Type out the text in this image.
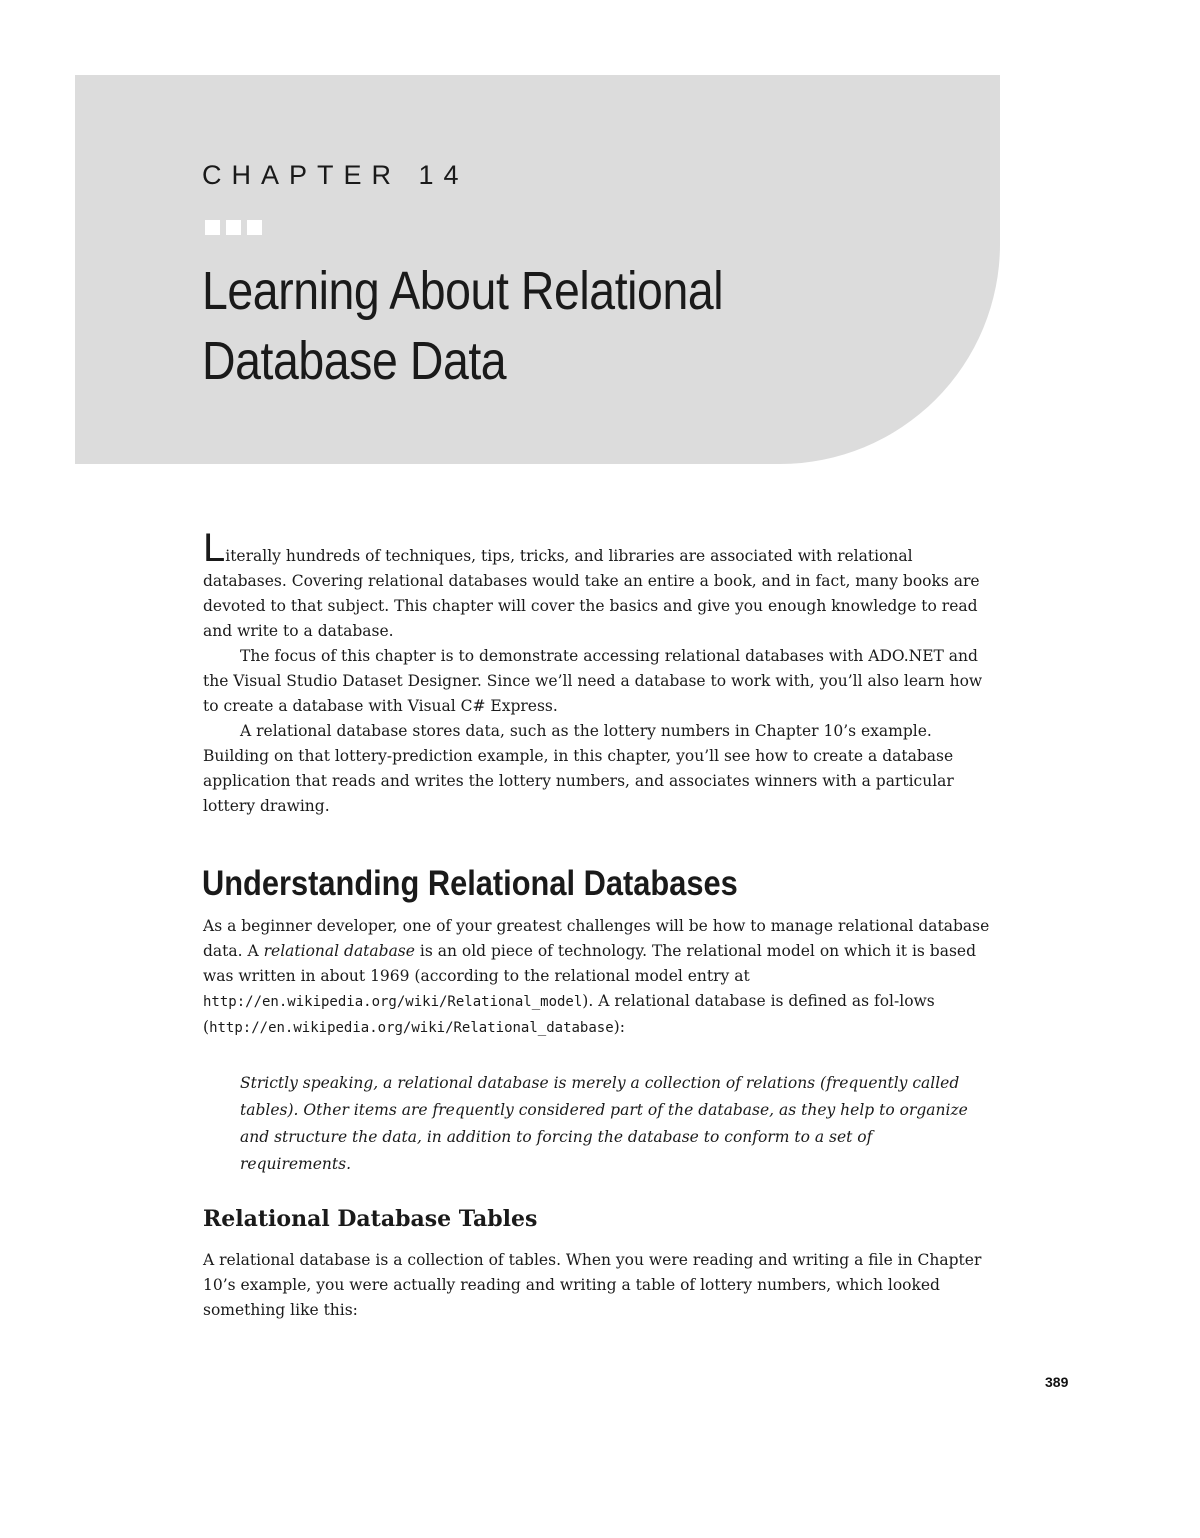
CHAPTER 14
Learning About Relational
Database Data

Literally hundreds of techniques, tips, tricks, and libraries are associated with relational databases. Covering relational databases would take an entire a book, and in fact, many books are devoted to that subject. This chapter will cover the basics and give you enough knowledge to read and write to a database.

The focus of this chapter is to demonstrate accessing relational databases with ADO.NET and the Visual Studio Dataset Designer. Since we’ll need a database to work with, you’ll also learn how to create a database with Visual C# Express.

A relational database stores data, such as the lottery numbers in Chapter 10’s example. Building on that lottery-prediction example, in this chapter, you’ll see how to create a database application that reads and writes the lottery numbers, and associates winners with a particular lottery drawing.

Understanding Relational Databases

As a beginner developer, one of your greatest challenges will be how to manage relational database data. A relational database is an old piece of technology. The relational model on which it is based was written in about 1969 (according to the relational model entry at http://en.wikipedia.org/wiki/Relational_model). A relational database is defined as fol-lows (http://en.wikipedia.org/wiki/Relational_database):

Strictly speaking, a relational database is merely a collection of relations (frequently called tables). Other items are frequently considered part of the database, as they help to organize and structure the data, in addition to forcing the database to conform to a set of requirements.
Relational Database Tables

A relational database is a collection of tables. When you were reading and writing a file in Chapter 10’s example, you were actually reading and writing a table of lottery numbers, which looked something like this:

389
